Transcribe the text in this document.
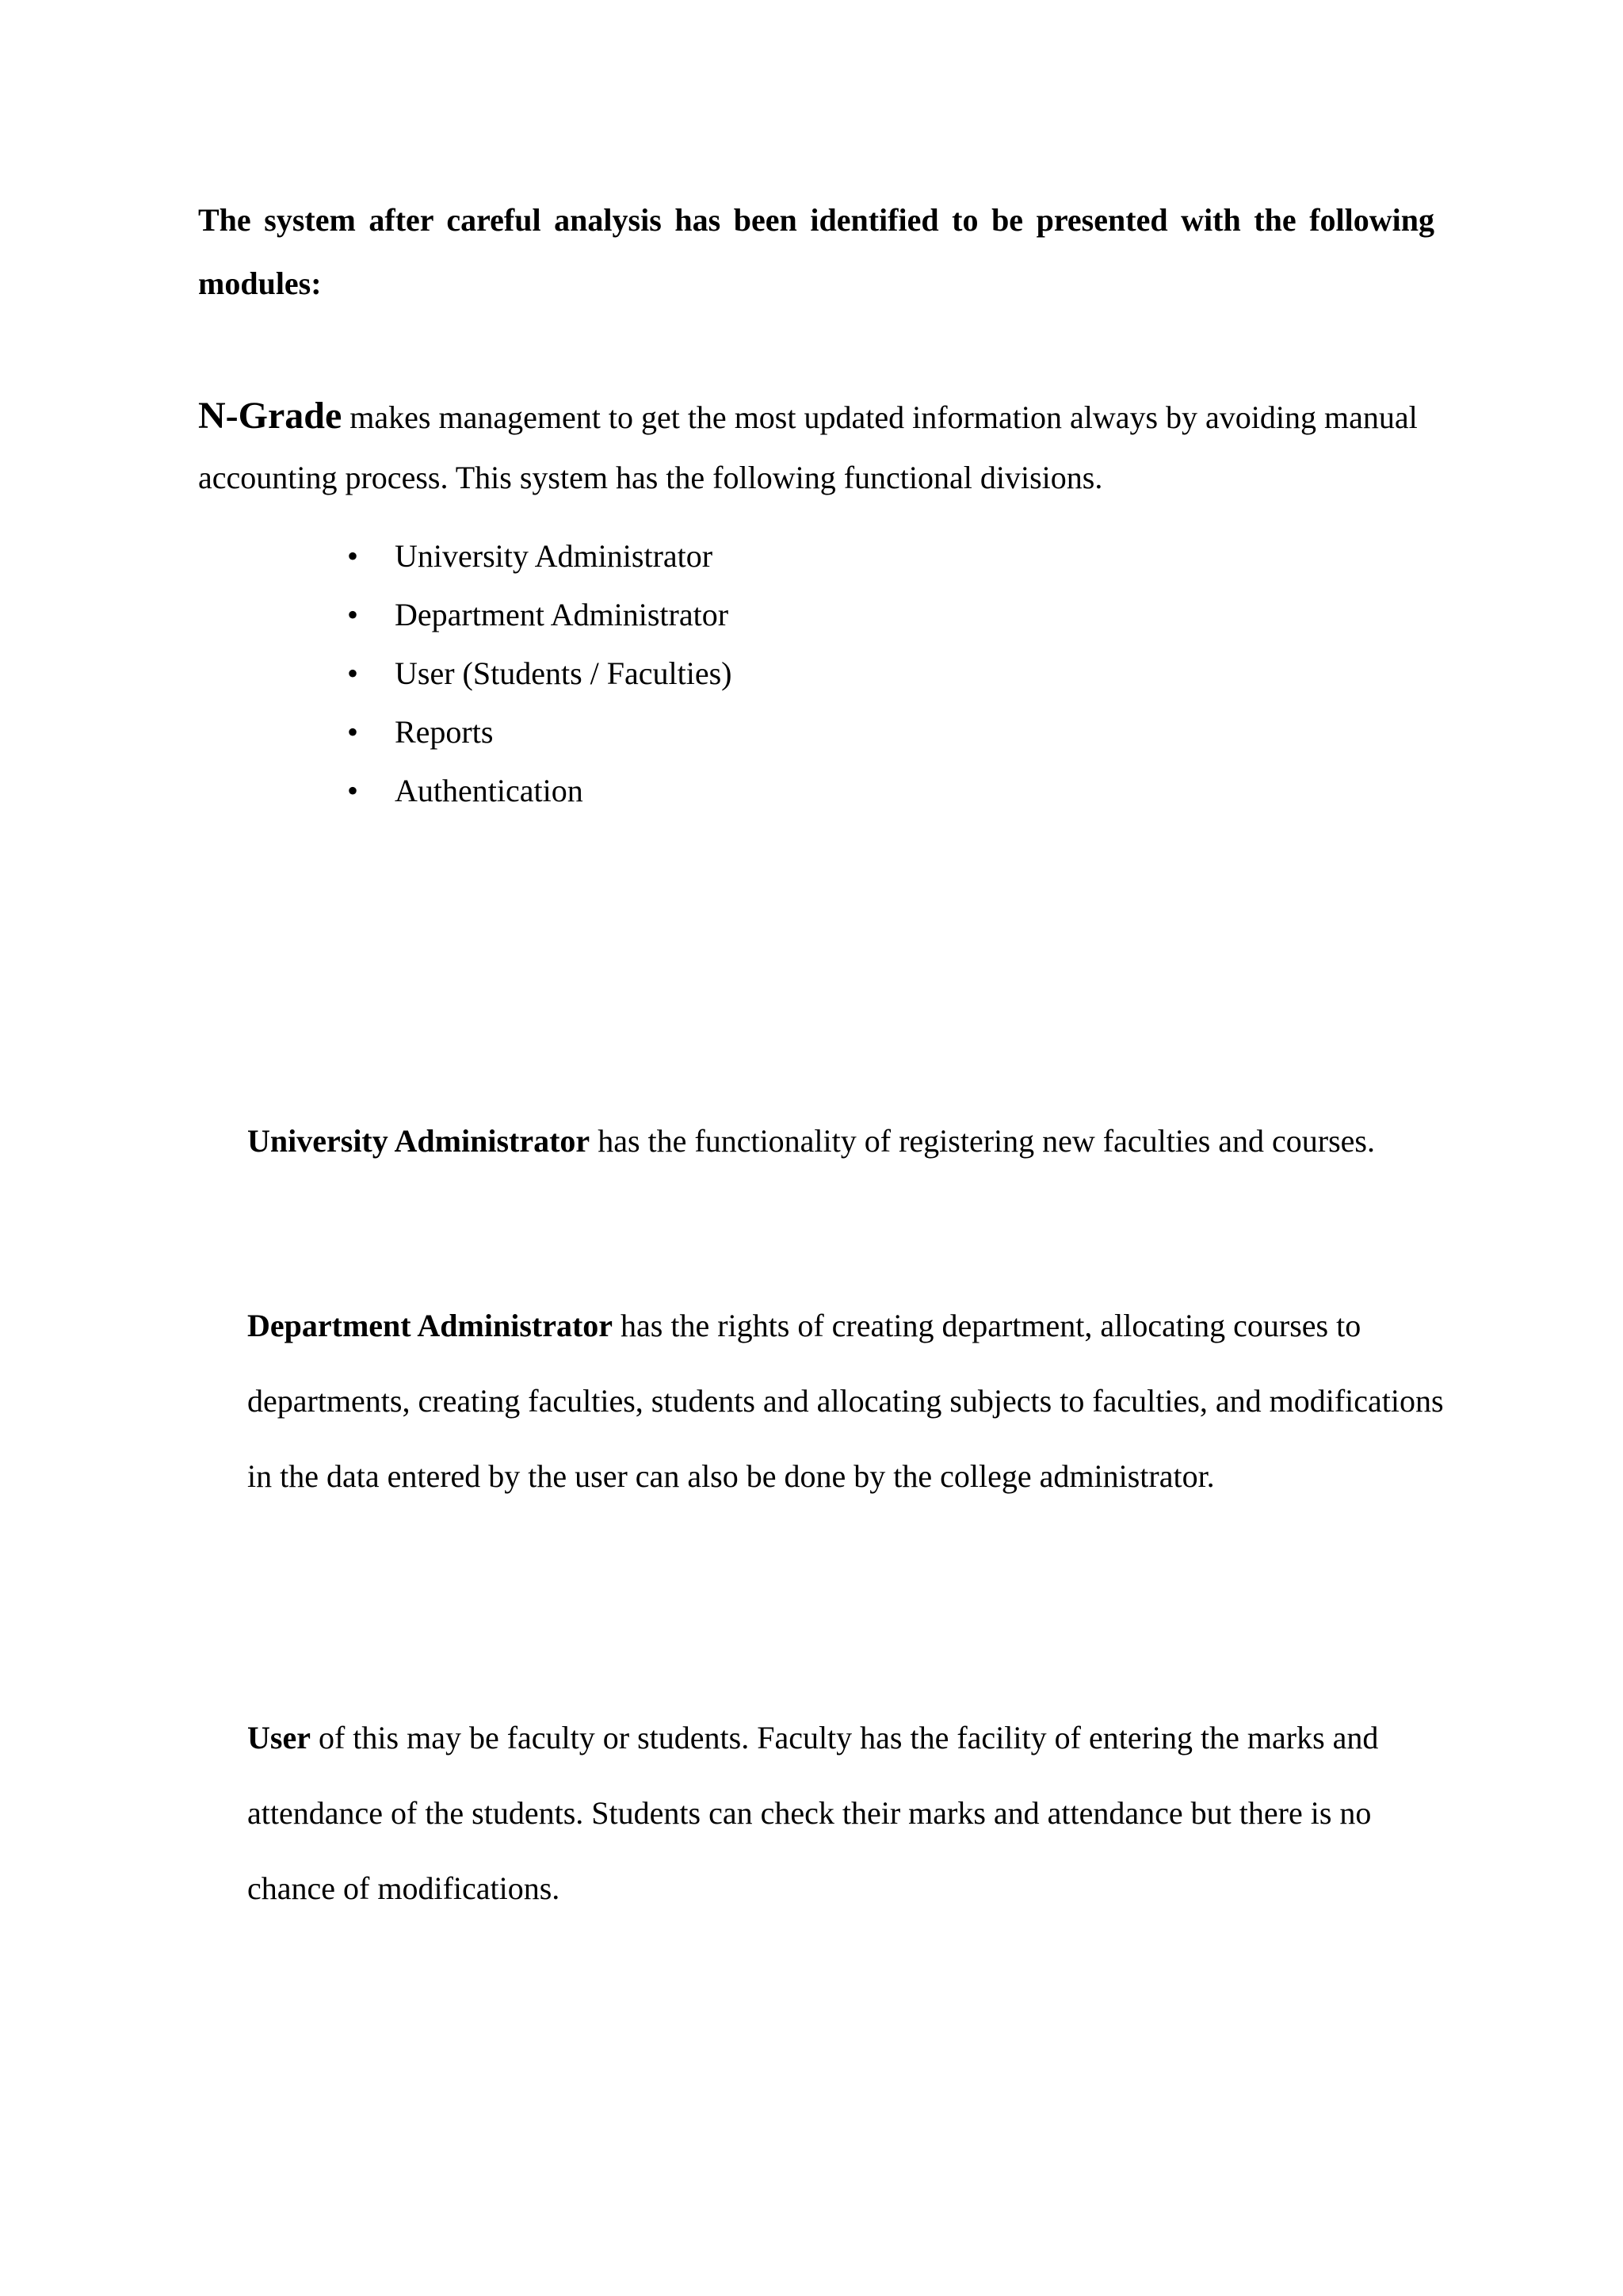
The system after careful analysis has been identified to be presented with the following modules:

N-Grade makes management to get the most updated information always by avoiding manual accounting process. This system has the following functional divisions.

• University Administrator
• Department Administrator
• User (Students / Faculties)
• Reports
• Authentication

University Administrator has the functionality of registering new faculties and courses.

Department Administrator has the rights of creating department, allocating courses to departments, creating faculties, students and allocating subjects to faculties, and modifications in the data entered by the user can also be done by the college administrator.

User of this may be faculty or students. Faculty has the facility of entering the marks and attendance of the students. Students can check their marks and attendance but there is no chance of modifications.
